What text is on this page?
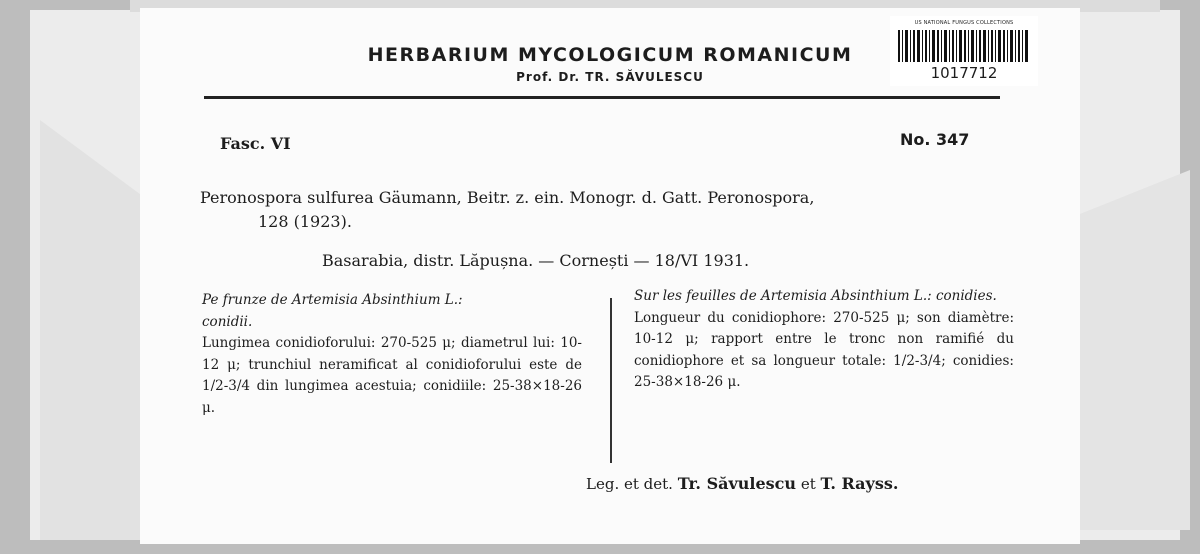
HERBARIUM MYCOLOGICUM ROMANICUM
Prof. Dr. TR. SĂVULESCU
US NATIONAL FUNGUS COLLECTIONS
1017712
Fasc. VI	No. 347
Peronospora sulfurea Gäumann, Beitr. z. ein. Monogr. d. Gatt. Peronospora,
128 (1923).
Basarabia, distr. Lăpușna. — Cornești — 18/VI 1931.

Pe frunze de Artemisia Absinthium L.:

conidii.

Lungimea conidioforului: 270-525 μ; diametrul lui: 10-12 μ; trunchiul neramificat al conidioforului este de 1/2-3/4 din lungimea acestuia; conidiile: 25-38×18-26 μ.

Sur les feuilles de Artemisia Absinthium L.: conidies.

Longueur du conidiophore: 270-525 μ; son diamètre: 10-12 μ; rapport entre le tronc non ramifié du conidiophore et sa longueur totale: 1/2-3/4; conidies: 25-38×18-26 μ.

Leg. et det. Tr. Săvulescu et T. Rayss.
